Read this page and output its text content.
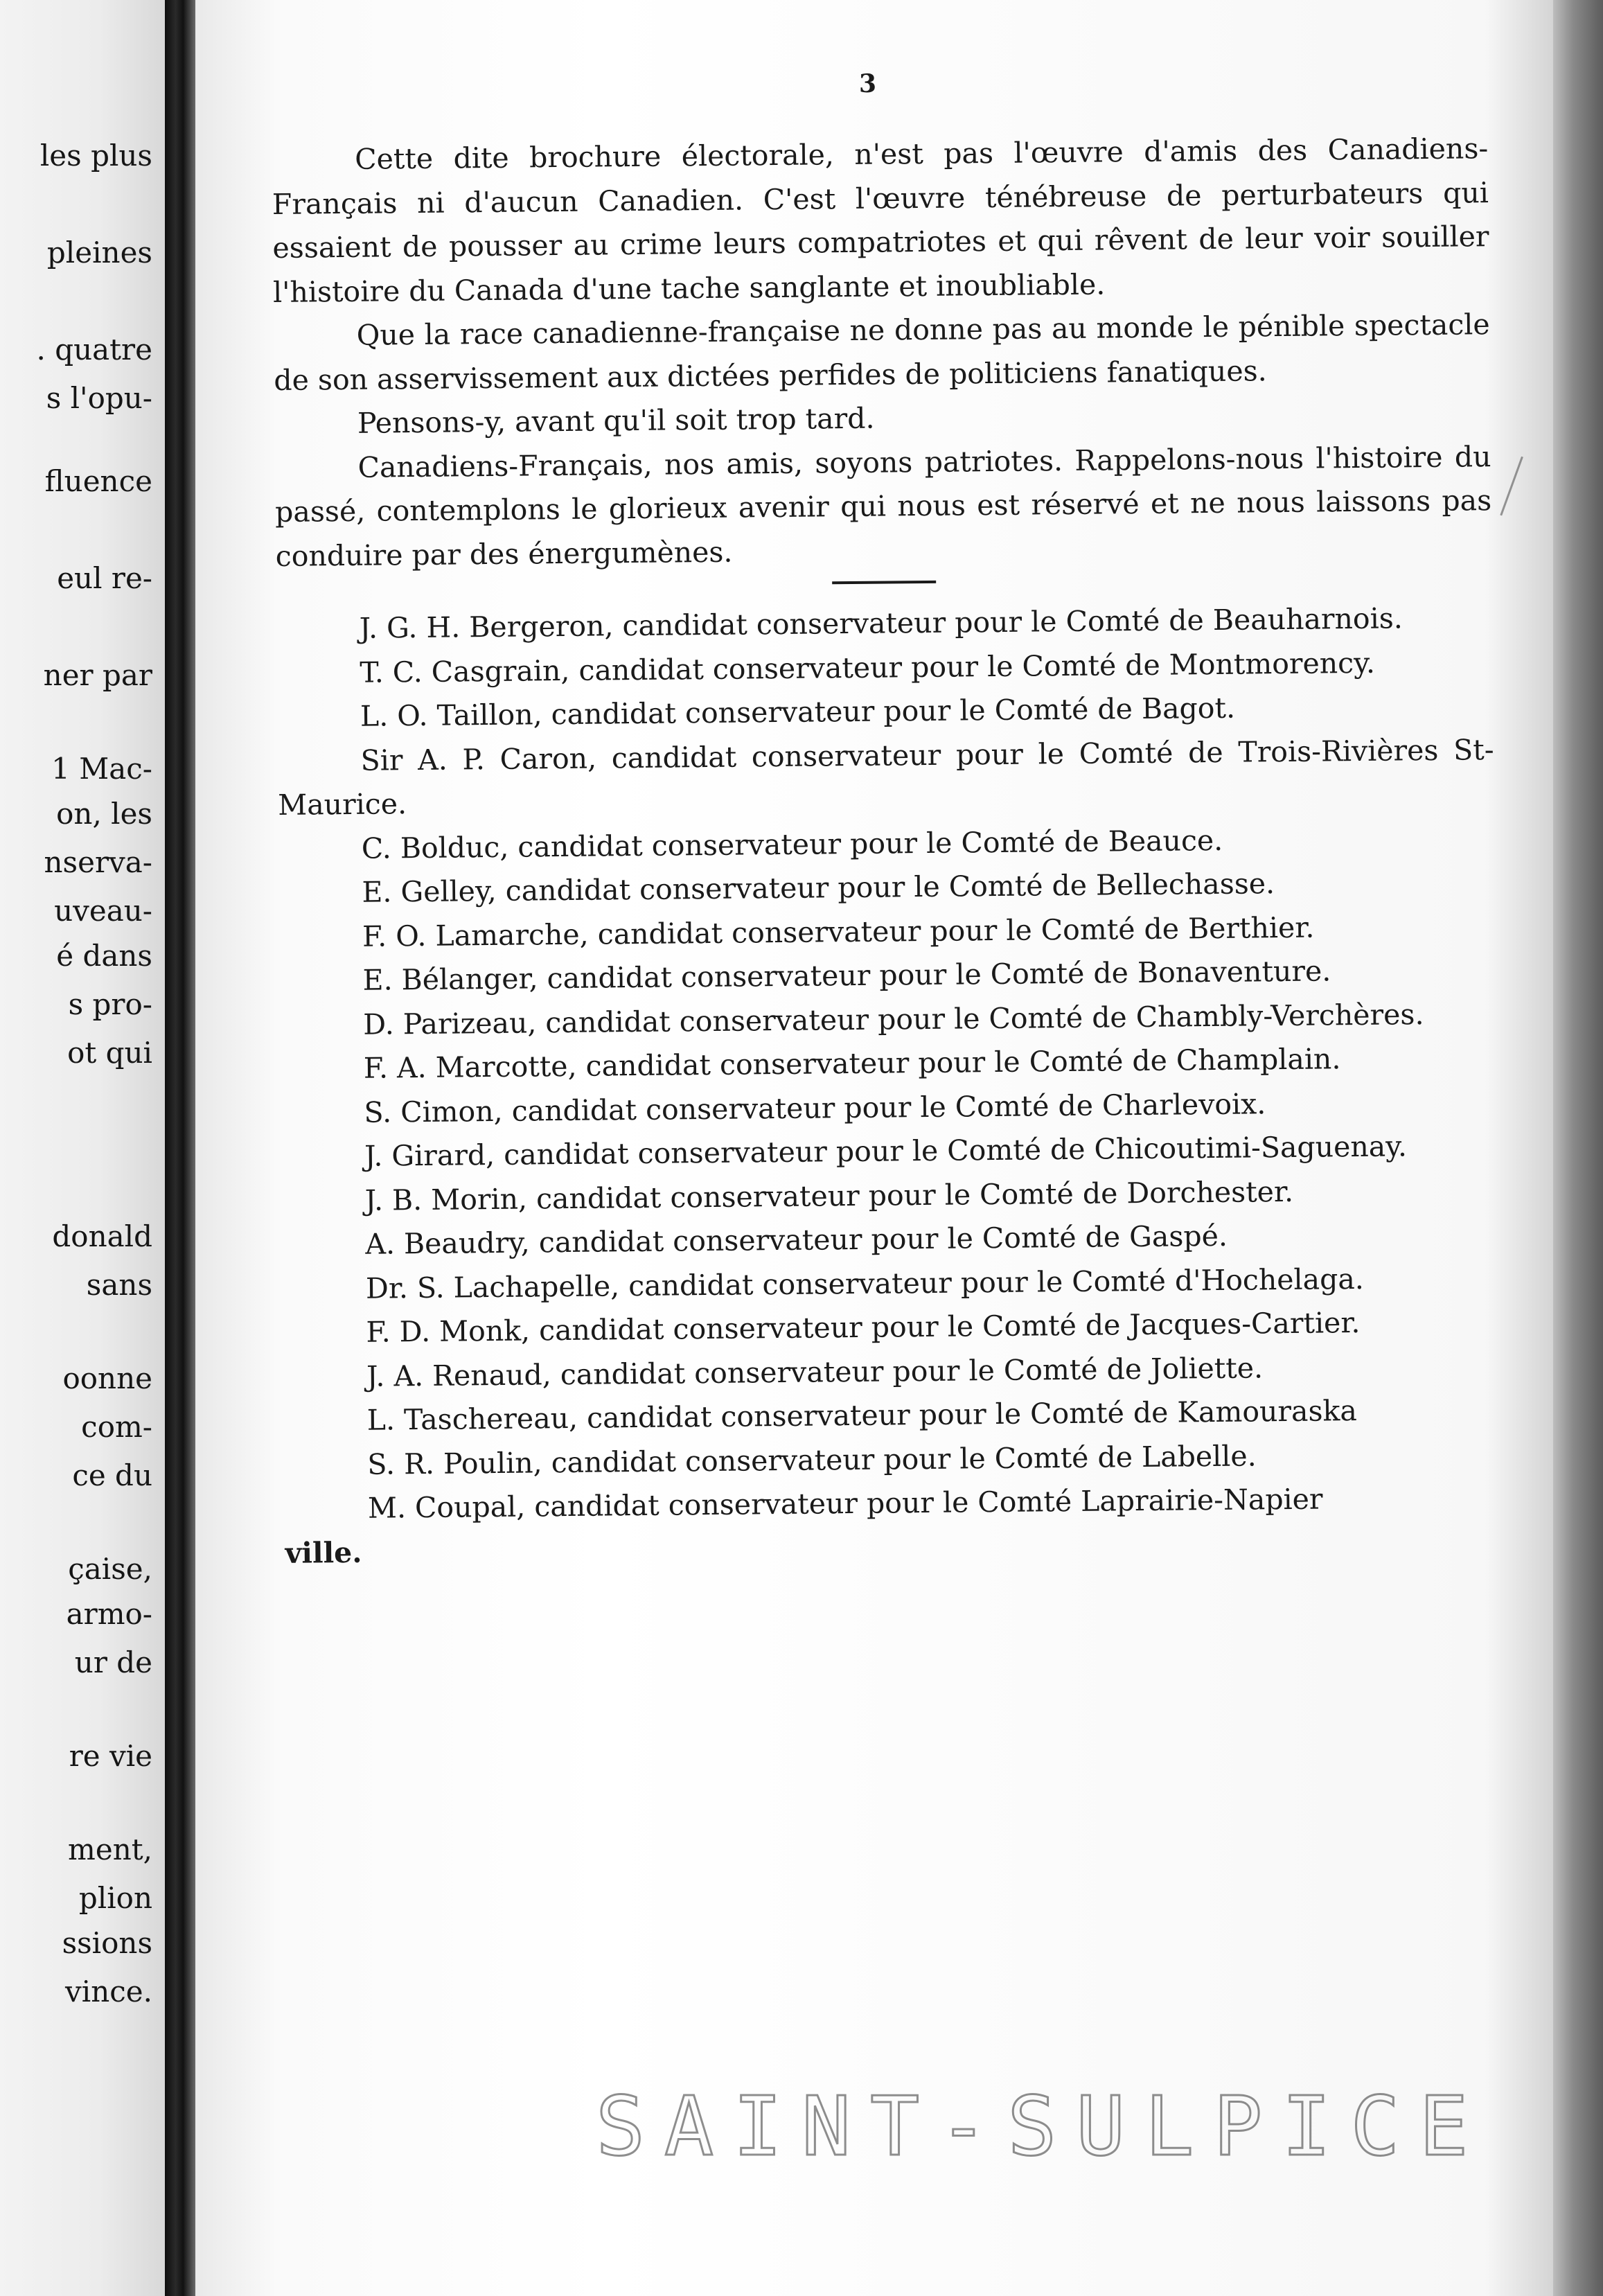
les plus
pleines
. quatre
s l'opu-
fluence
eul re-
ner par
1 Mac-
on, les
nserva-
uveau-
é dans
s pro-
ot qui
donald
sans
oonne
com-
ce du
çaise,
armo-
ur de
re vie
ment,
plion
ssions
vince.
3

Cette dite brochure électorale, n'est pas l'œuvre d'amis des Canadiens-Français ni d'aucun Canadien. C'est l'œuvre ténébreuse de perturbateurs qui essaient de pousser au crime leurs compatriotes et qui rêvent de leur voir souiller l'histoire du Canada d'une tache sanglante et inoubliable.

Que la race canadienne-française ne donne pas au monde le pénible spectacle de son asservissement aux dictées perfides de politiciens fanatiques.

Pensons-y, avant qu'il soit trop tard.

Canadiens-Français, nos amis, soyons patriotes. Rappelons-nous l'histoire du passé, contemplons le glorieux avenir qui nous est réservé et ne nous laissons pas conduire par des énergumènes.

J. G. H. Bergeron, candidat conservateur pour le Comté de Beauharnois.

T. C. Casgrain, candidat conservateur pour le Comté de Montmorency.

L. O. Taillon, candidat conservateur pour le Comté de Bagot.

Sir A. P. Caron, candidat conservateur pour le Comté de Trois-Rivières St-Maurice.

C. Bolduc, candidat conservateur pour le Comté de Beauce.

E. Gelley, candidat conservateur pour le Comté de Bellechasse.

F. O. Lamarche, candidat conservateur pour le Comté de Berthier.

E. Bélanger, candidat conservateur pour le Comté de Bonaventure.

D. Parizeau, candidat conservateur pour le Comté de Chambly-Verchères.

F. A. Marcotte, candidat conservateur pour le Comté de Champlain.

S. Cimon, candidat conservateur pour le Comté de Charlevoix.

J. Girard, candidat conservateur pour le Comté de Chicoutimi-Saguenay.

J. B. Morin, candidat conservateur pour le Comté de Dorchester.

A. Beaudry, candidat conservateur pour le Comté de Gaspé.

Dr. S. Lachapelle, candidat conservateur pour le Comté d'Hochelaga.

F. D. Monk, candidat conservateur pour le Comté de Jacques-Cartier.

J. A. Renaud, candidat conservateur pour le Comté de Joliette.

L. Taschereau, candidat conservateur pour le Comté de Kamouraska

S. R. Poulin, candidat conservateur pour le Comté de Labelle.

M. Coupal, candidat conservateur pour le Comté Laprairie-Napier

ville.

SAINT-SULPICE
